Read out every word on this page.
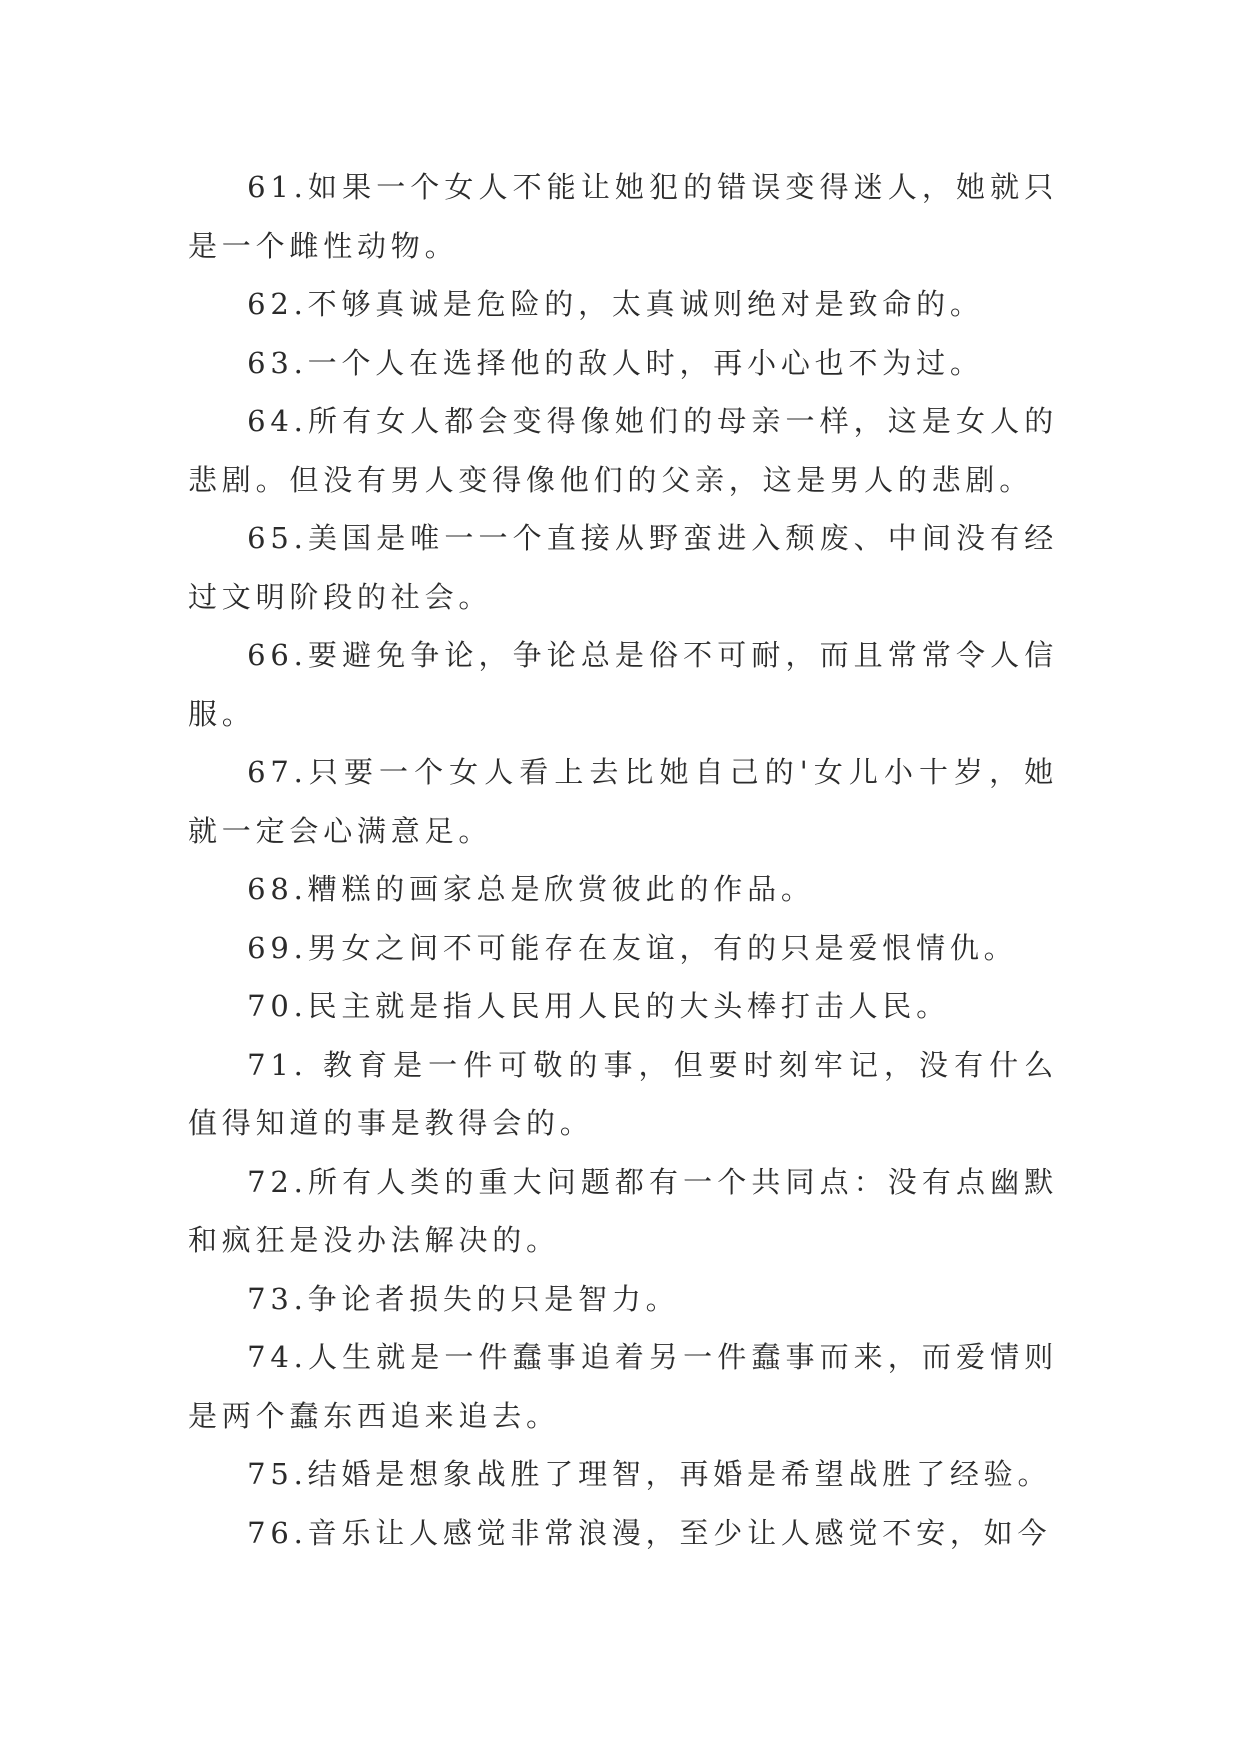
61.如果一个女人不能让她犯的错误变得迷人，她就只是一个雌性动物。

62.不够真诚是危险的，太真诚则绝对是致命的。

63.一个人在选择他的敌人时，再小心也不为过。

64.所有女人都会变得像她们的母亲一样，这是女人的悲剧。但没有男人变得像他们的父亲，这是男人的悲剧。

65.美国是唯一一个直接从野蛮进入颓废、中间没有经过文明阶段的社会。

66.要避免争论，争论总是俗不可耐，而且常常令人信服。

67.只要一个女人看上去比她自己的'女儿小十岁，她就一定会心满意足。

68.糟糕的画家总是欣赏彼此的作品。

69.男女之间不可能存在友谊，有的只是爱恨情仇。

70.民主就是指人民用人民的大头棒打击人民。

71. 教育是一件可敬的事，但要时刻牢记，没有什么值得知道的事是教得会的。

72.所有人类的重大问题都有一个共同点：没有点幽默和疯狂是没办法解决的。

73.争论者损失的只是智力。

74.人生就是一件蠢事追着另一件蠢事而来，而爱情则是两个蠢东西追来追去。

75.结婚是想象战胜了理智，再婚是希望战胜了经验。

76.音乐让人感觉非常浪漫，至少让人感觉不安，如今
